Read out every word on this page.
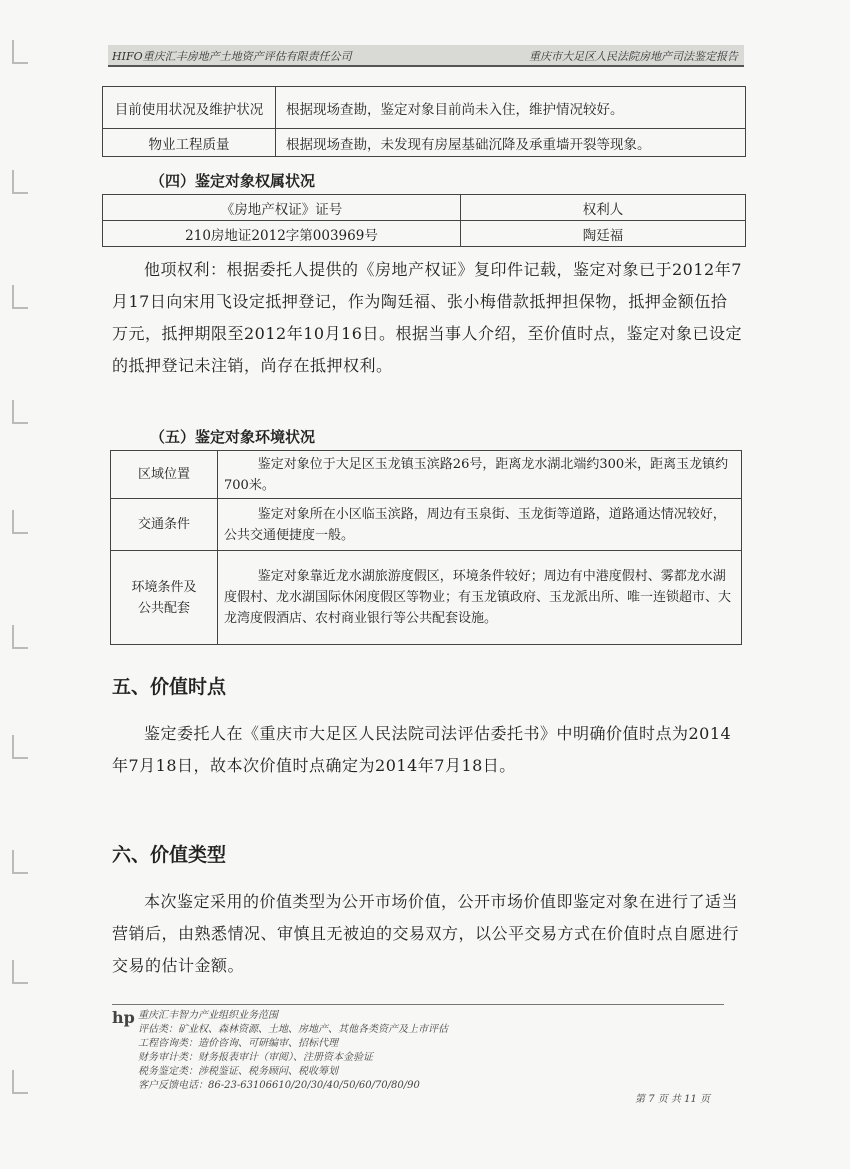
HIFO重庆汇丰房地产土地资产评估有限责任公司	重庆市大足区人民法院房地产司法鉴定报告
目前使用状况及维护状况	根据现场查勘，鉴定对象目前尚未入住，维护情况较好。
物业工程质量	根据现场查勘，未发现有房屋基础沉降及承重墙开裂等现象。
（四）鉴定对象权属状况
《房地产权证》证号	权利人
210房地证2012字第003969号	陶廷福
他项权利：根据委托人提供的《房地产权证》复印件记载，鉴定对象已于2012年7月17日向宋用飞设定抵押登记，作为陶廷福、张小梅借款抵押担保物，抵押金额伍拾万元，抵押期限至2012年10月16日。根据当事人介绍，至价值时点，鉴定对象已设定的抵押登记未注销，尚存在抵押权利。
（五）鉴定对象环境状况
区域位置	鉴定对象位于大足区玉龙镇玉滨路26号，距离龙水湖北端约300米，距离玉龙镇约700米。
交通条件	鉴定对象所在小区临玉滨路，周边有玉泉街、玉龙街等道路，道路通达情况较好，公共交通便捷度一般。
环境条件及公共配套	鉴定对象靠近龙水湖旅游度假区，环境条件较好；周边有中港度假村、雾都龙水湖度假村、龙水湖国际休闲度假区等物业；有玉龙镇政府、玉龙派出所、唯一连锁超市、大龙湾度假酒店、农村商业银行等公共配套设施。
五、价值时点
鉴定委托人在《重庆市大足区人民法院司法评估委托书》中明确价值时点为2014年7月18日，故本次价值时点确定为2014年7月18日。
六、价值类型
本次鉴定采用的价值类型为公开市场价值，公开市场价值即鉴定对象在进行了适当营销后，由熟悉情况、审慎且无被迫的交易双方，以公平交易方式在价值时点自愿进行交易的估计金额。
hp 重庆汇丰智力产业组织业务范围
评估类：矿业权、森林资源、土地、房地产、其他各类资产及上市评估
工程咨询类：造价咨询、可研编审、招标代理
财务审计类：财务报表审计（审阅）、注册资本金验证
税务鉴定类：涉税鉴证、税务顾问、税收筹划
客户反馈电话：86-23-63106610/20/30/40/50/60/70/80/90
第 7 页 共 11 页
